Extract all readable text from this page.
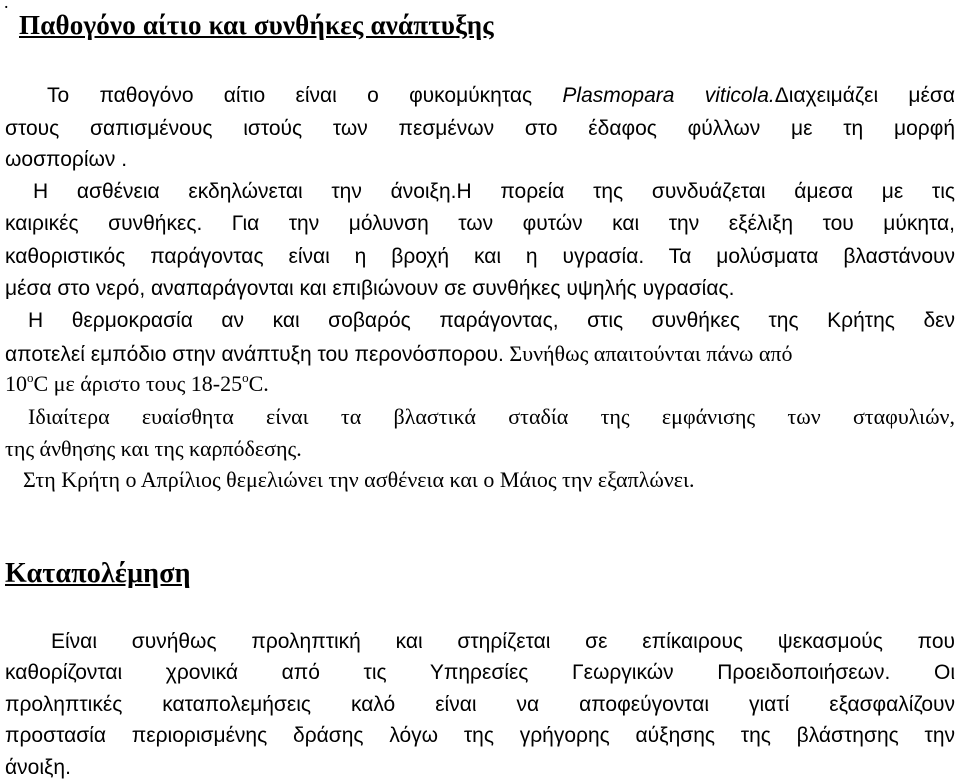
.
Παθογόνο αίτιο και συνθήκες ανάπτυξης

Το παθογόνο αίτιο είναι ο φυκομύκητας Plasmopara viticola.Διαχειμάζει μέσα

στους σαπισμένους ιστούς των πεσμένων στο έδαφος φύλλων με τη μορφή

ωοσπορίων .

Η ασθένεια εκδηλώνεται την άνοιξη.Η πορεία της συνδυάζεται άμεσα με τις

καιρικές συνθήκες. Για την μόλυνση των φυτών και την εξέλιξη του μύκητα,

καθοριστικός παράγοντας είναι η βροχή και η υγρασία. Τα μολύσματα βλαστάνουν

μέσα στο νερό, αναπαράγονται και επιβιώνουν σε συνθήκες υψηλής υγρασίας.

Η θερμοκρασία αν και σοβαρός παράγοντας, στις συνθήκες της Κρήτης δεν

αποτελεί εμπόδιο στην ανάπτυξη του περονόσπορου. Συνήθως απαιτούνται πάνω από

10$^o$C με άριστο τους 18-25$^o$C.

Ιδιαίτερα ευαίσθητα είναι τα βλαστικά σταδία της εμφάνισης των σταφυλιών,

της άνθησης και της καρπόδεσης.

Στη Κρήτη ο Απρίλιος θεμελιώνει την ασθένεια και ο Μάιος την εξαπλώνει.

Καταπολέμηση

Είναι συνήθως προληπτική και στηρίζεται σε επίκαιρους ψεκασμούς που

καθορίζονται χρονικά από τις Υπηρεσίες Γεωργικών Προειδοποιήσεων. Οι

προληπτικές καταπολεμήσεις καλό είναι να αποφεύγονται γιατί εξασφαλίζουν

προστασία περιορισμένης δράσης λόγω της γρήγορης αύξησης της βλάστησης την

άνοιξη.
